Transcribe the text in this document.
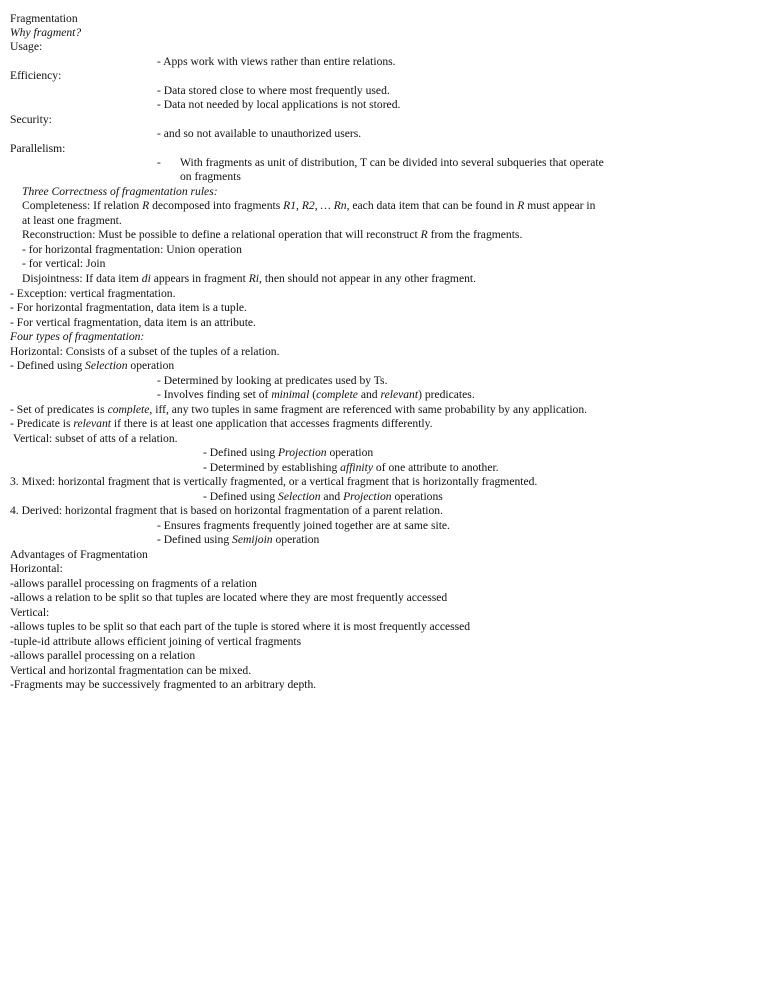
Fragmentation
Why fragment?
Usage:
- Apps work with views rather than entire relations.
Efficiency:
- Data stored close to where most frequently used.
- Data not needed by local applications is not stored.
Security:
- and so not available to unauthorized users.
Parallelism:
- With fragments as unit of distribution, T can be divided into several subqueries that operate
on fragments
Three Correctness of fragmentation rules:
Completeness: If relation R decomposed into fragments R1, R2, … Rn, each data item that can be found in R must appear in
at least one fragment.
Reconstruction: Must be possible to define a relational operation that will reconstruct R from the fragments.
- for horizontal fragmentation: Union operation
- for vertical: Join
Disjointness: If data item di appears in fragment Ri, then should not appear in any other fragment.
- Exception: vertical fragmentation.
- For horizontal fragmentation, data item is a tuple.
- For vertical fragmentation, data item is an attribute.
Four types of fragmentation:
Horizontal: Consists of a subset of the tuples of a relation.
- Defined using Selection operation
- Determined by looking at predicates used by Ts.
- Involves finding set of minimal (complete and relevant) predicates.
- Set of predicates is complete, iff, any two tuples in same fragment are referenced with same probability by any application.
- Predicate is relevant if there is at least one application that accesses fragments differently.
Vertical: subset of atts of a relation.
- Defined using Projection operation
- Determined by establishing affinity of one attribute to another.
3. Mixed: horizontal fragment that is vertically fragmented, or a vertical fragment that is horizontally fragmented.
- Defined using Selection and Projection operations
4. Derived: horizontal fragment that is based on horizontal fragmentation of a parent relation.
- Ensures fragments frequently joined together are at same site.
- Defined using Semijoin operation
Advantages of Fragmentation
Horizontal:
-allows parallel processing on fragments of a relation
-allows a relation to be split so that tuples are located where they are most frequently accessed
Vertical:
-allows tuples to be split so that each part of the tuple is stored where it is most frequently accessed
-tuple-id attribute allows efficient joining of vertical fragments
-allows parallel processing on a relation
Vertical and horizontal fragmentation can be mixed.
-Fragments may be successively fragmented to an arbitrary depth.
